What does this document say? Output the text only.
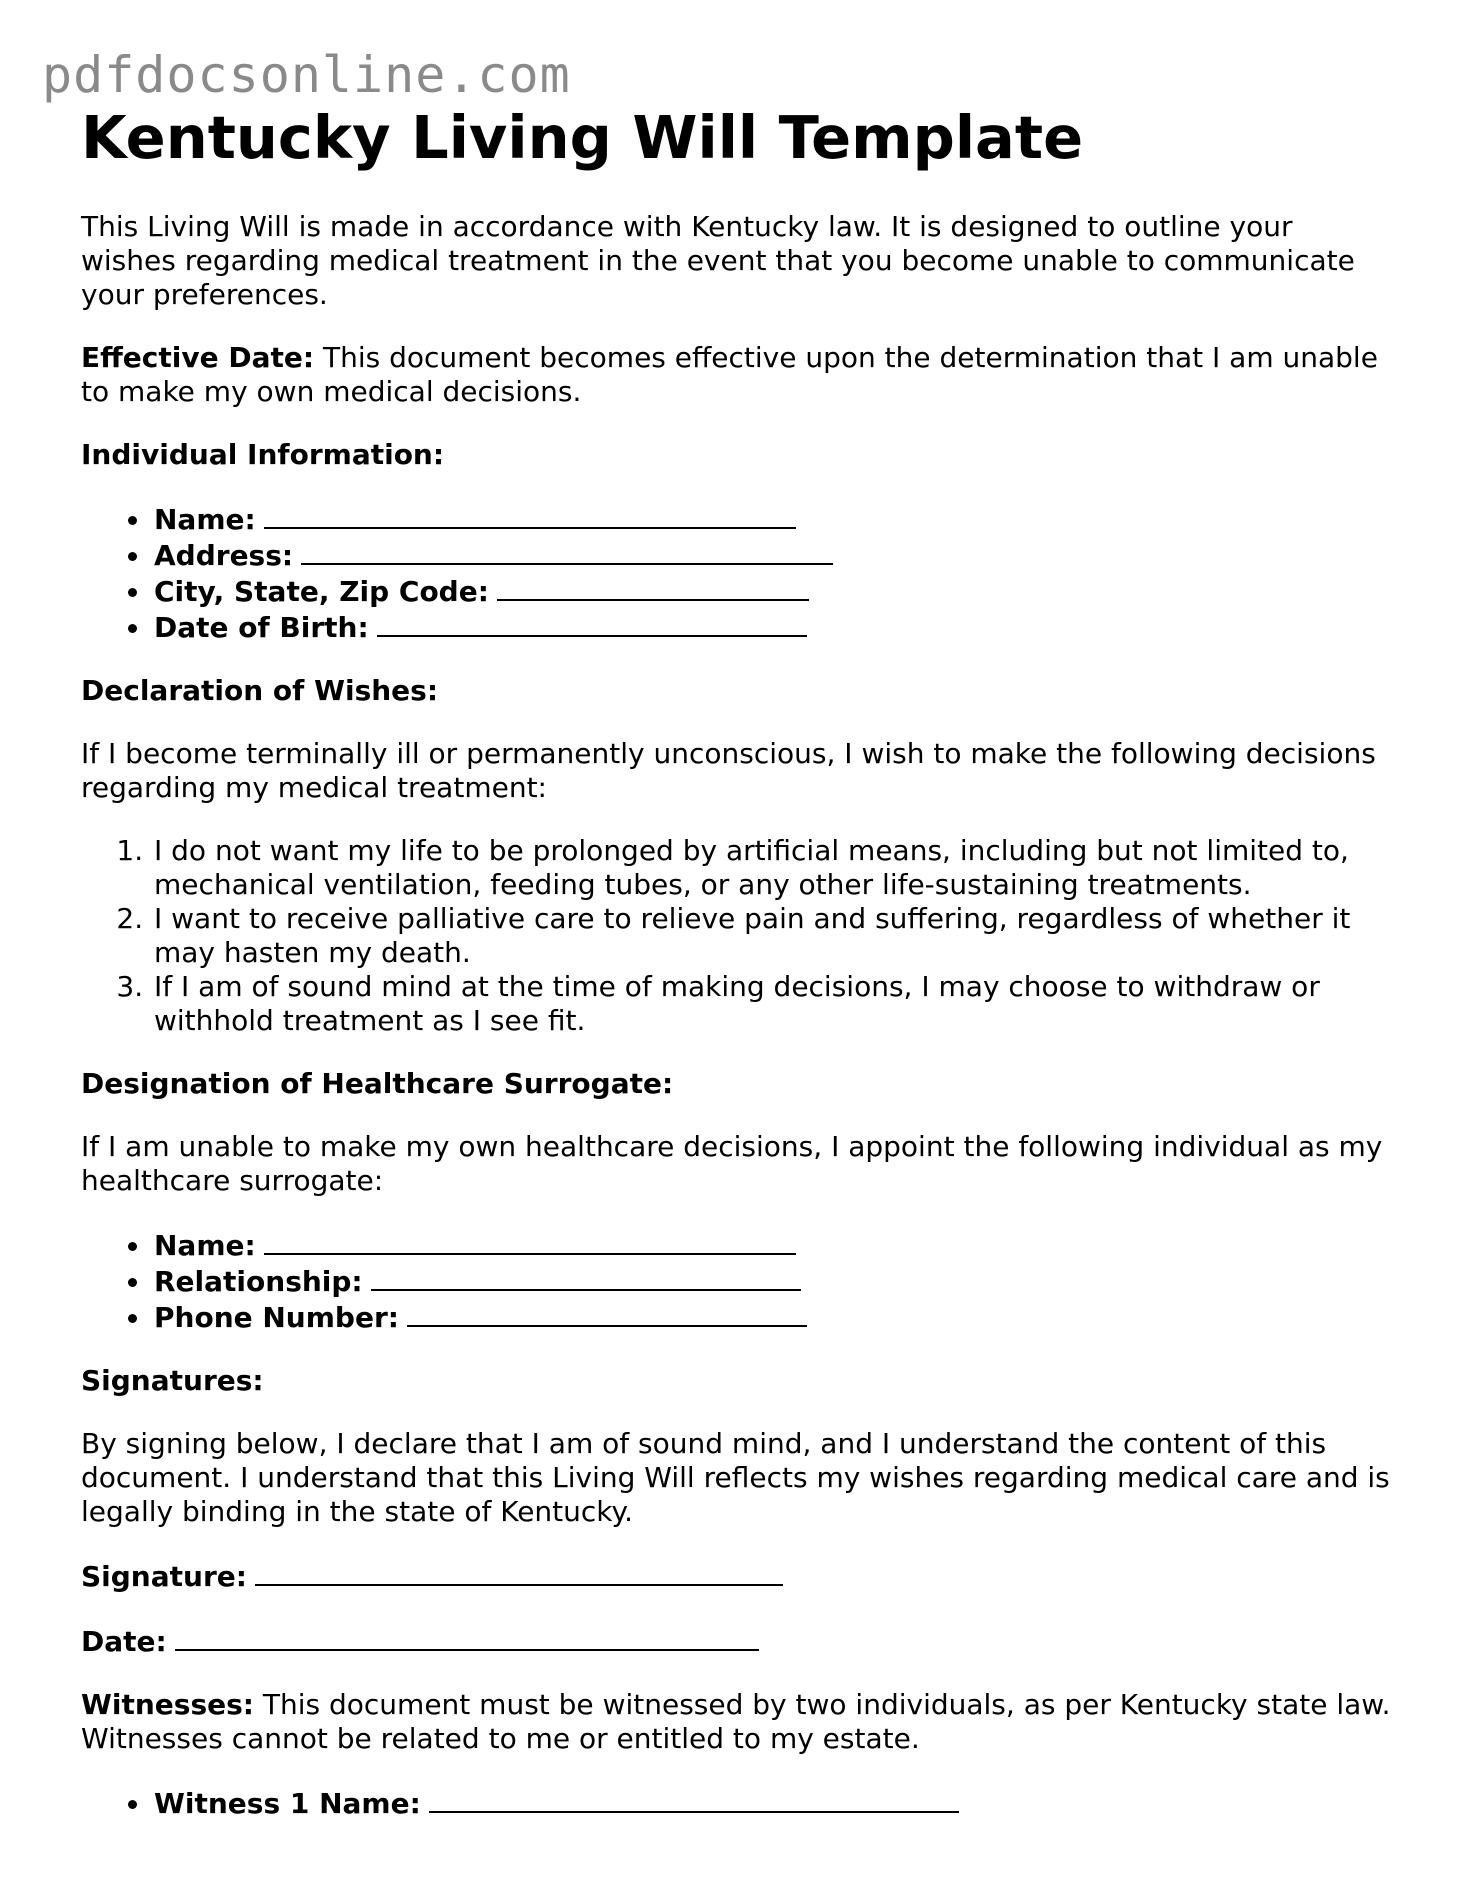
pdfdocsonline.com
Kentucky Living Will Template

This Living Will is made in accordance with Kentucky law. It is designed to outline your wishes regarding medical treatment in the event that you become unable to communicate your preferences.

Effective Date: This document becomes effective upon the determination that I am unable to make my own medical decisions.

Individual Information:

• Name:
• Address:
• City, State, Zip Code:
• Date of Birth:

Declaration of Wishes:

If I become terminally ill or permanently unconscious, I wish to make the following decisions regarding my medical treatment:

1. I do not want my life to be prolonged by artificial means, including but not limited to, mechanical ventilation, feeding tubes, or any other life-sustaining treatments.
2. I want to receive palliative care to relieve pain and suffering, regardless of whether it may hasten my death.
3. If I am of sound mind at the time of making decisions, I may choose to withdraw or withhold treatment as I see fit.

Designation of Healthcare Surrogate:

If I am unable to make my own healthcare decisions, I appoint the following individual as my healthcare surrogate:

• Name:
• Relationship:
• Phone Number:

Signatures:

By signing below, I declare that I am of sound mind, and I understand the content of this document. I understand that this Living Will reflects my wishes regarding medical care and is legally binding in the state of Kentucky.

Signature:

Date:

Witnesses: This document must be witnessed by two individuals, as per Kentucky state law. Witnesses cannot be related to me or entitled to my estate.

• Witness 1 Name:
